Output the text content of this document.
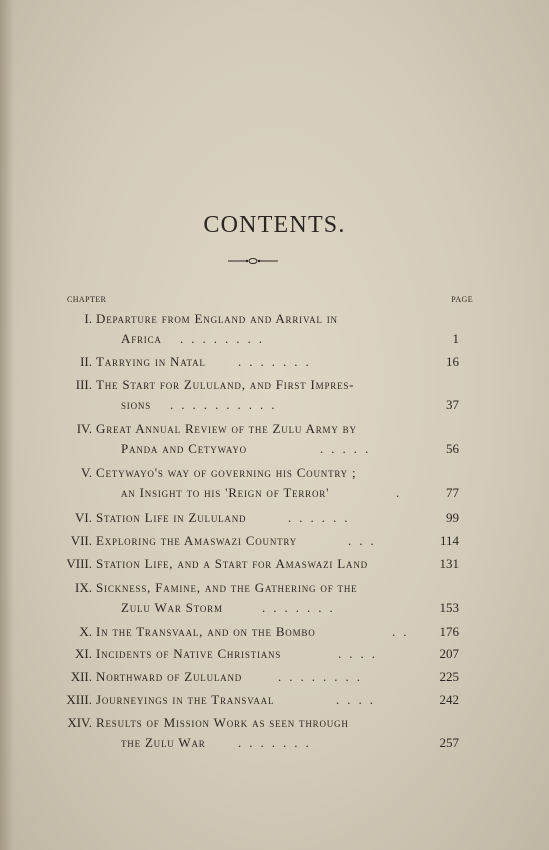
CONTENTS.
CHAPTER	PAGE
I. Departure from England and Arrival in
Africa ........	1
II. Tarrying in Natal .......	16
III. The Start for Zululand, and First Impres-
sions ..........	37
IV. Great Annual Review of the Zulu Army by
Panda and Cetywayo	.....	56
V. Cetywayo's way of governing his Country ;
an Insight to his 'Reign of Terror'	.	77
VI. Station Life in Zululand	......	99
VII. Exploring the Amaswazi Country	...	114
VIII. Station Life, and a Start for Amaswazi Land	131
IX. Sickness, Famine, and the Gathering of the
Zulu War Storm	.......	153
X. In the Transvaal, and on the Bombo	.. 176
XI. Incidents of Native Christians	....	207
XII. Northward of Zululand	........	225
XIII. Journeyings in the Transvaal	....	242
XIV. Results of Mission Work as seen through
the Zulu War .......	257
